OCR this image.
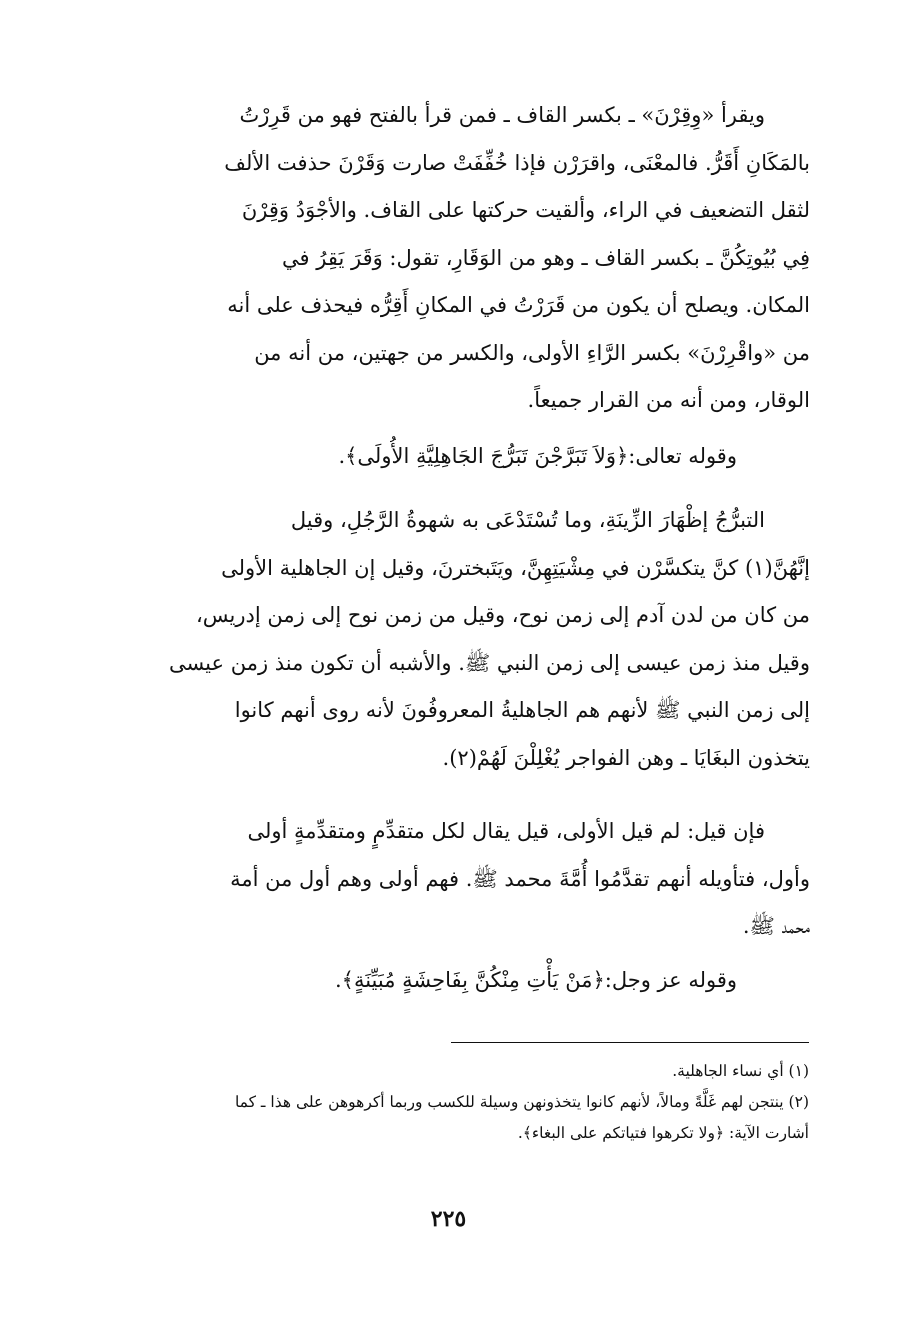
ويقرأ «وِقِرْنَ» ـ بكسر القاف ـ فمن قرأ بالفتح فهو من قَرِرْتُ
بالمَكَانِ أَقَرُّ. فالمعْنَى، واقرَرْن فإذا خُفِّفَتْ صارت وَقَرْنَ حذفت الألف
لثقل التضعيف في الراء، وألقيت حركتها على القاف. والأجْوَدُ وَقِرْنَ
فِي بُيُوتِكُنَّ ـ بكسر القاف ـ وهو من الوَقَارِ، تقول: وَقَرَ يَقِرُ في
المكان. ويصلح أن يكون من قَرَرْتُ في المكانِ أَقِرُّه فيحذف على أنه
من «واقْرِرْنَ» بكسر الرَّاءِ الأولى، والكسر من جهتين، من أنه من
الوقار، ومن أنه من القرار جميعاً.
وقوله تعالى:﴿وَلاَ تَبَرَّجْنَ تَبَرُّجَ الجَاهِلِيَّةِ الأُولَى﴾.
التبرُّجُ إظْهَارَ الزِّينَةِ، وما تُسْتَدْعَى به شهوةُ الرَّجُلِ، وقيل
إنَّهُنَّ(١) كنَّ يتكسَّرْن في مِشْيَتِهِنَّ، ويَتَبخترنَ، وقيل إن الجاهلية الأولى
من كان من لدن آدم إلى زمن نوح، وقيل من زمن نوح إلى زمن إدريس،
وقيل منذ زمن عيسى إلى زمن النبي ﷺ. والأشبه أن تكون منذ زمن عيسى
إلى زمن النبي ﷺ لأنهم هم الجاهليةُ المعروفُونَ لأنه روى أنهم كانوا
يتخذون البغَايَا ـ وهن الفواجر يُغْلِلْنَ لَهُمْ(٢).
فإن قيل: لم قيل الأولى، قيل يقال لكل متقدِّمٍ ومتقدِّمةٍ أولى
وأول، فتأويله أنهم تقدَّمُوا أُمَّةَ محمد ﷺ. فهم أولى وهم أول من أمة
محمد ﷺ.
وقوله عز وجل:﴿مَنْ يَأْتِ مِنْكُنَّ بِفَاحِشَةٍ مُبَيِّنَةٍ﴾.
(١) أي نساء الجاهلية.
(٢) ينتجن لهم غَلَّةً ومالاً، لأنهم كانوا يتخذونهن وسيلة للكسب وربما أكرهوهن على هذا ـ كما
أشارت الآية: ﴿ولا تكرهوا فتياتكم على البغاء﴾.
٢٢٥
